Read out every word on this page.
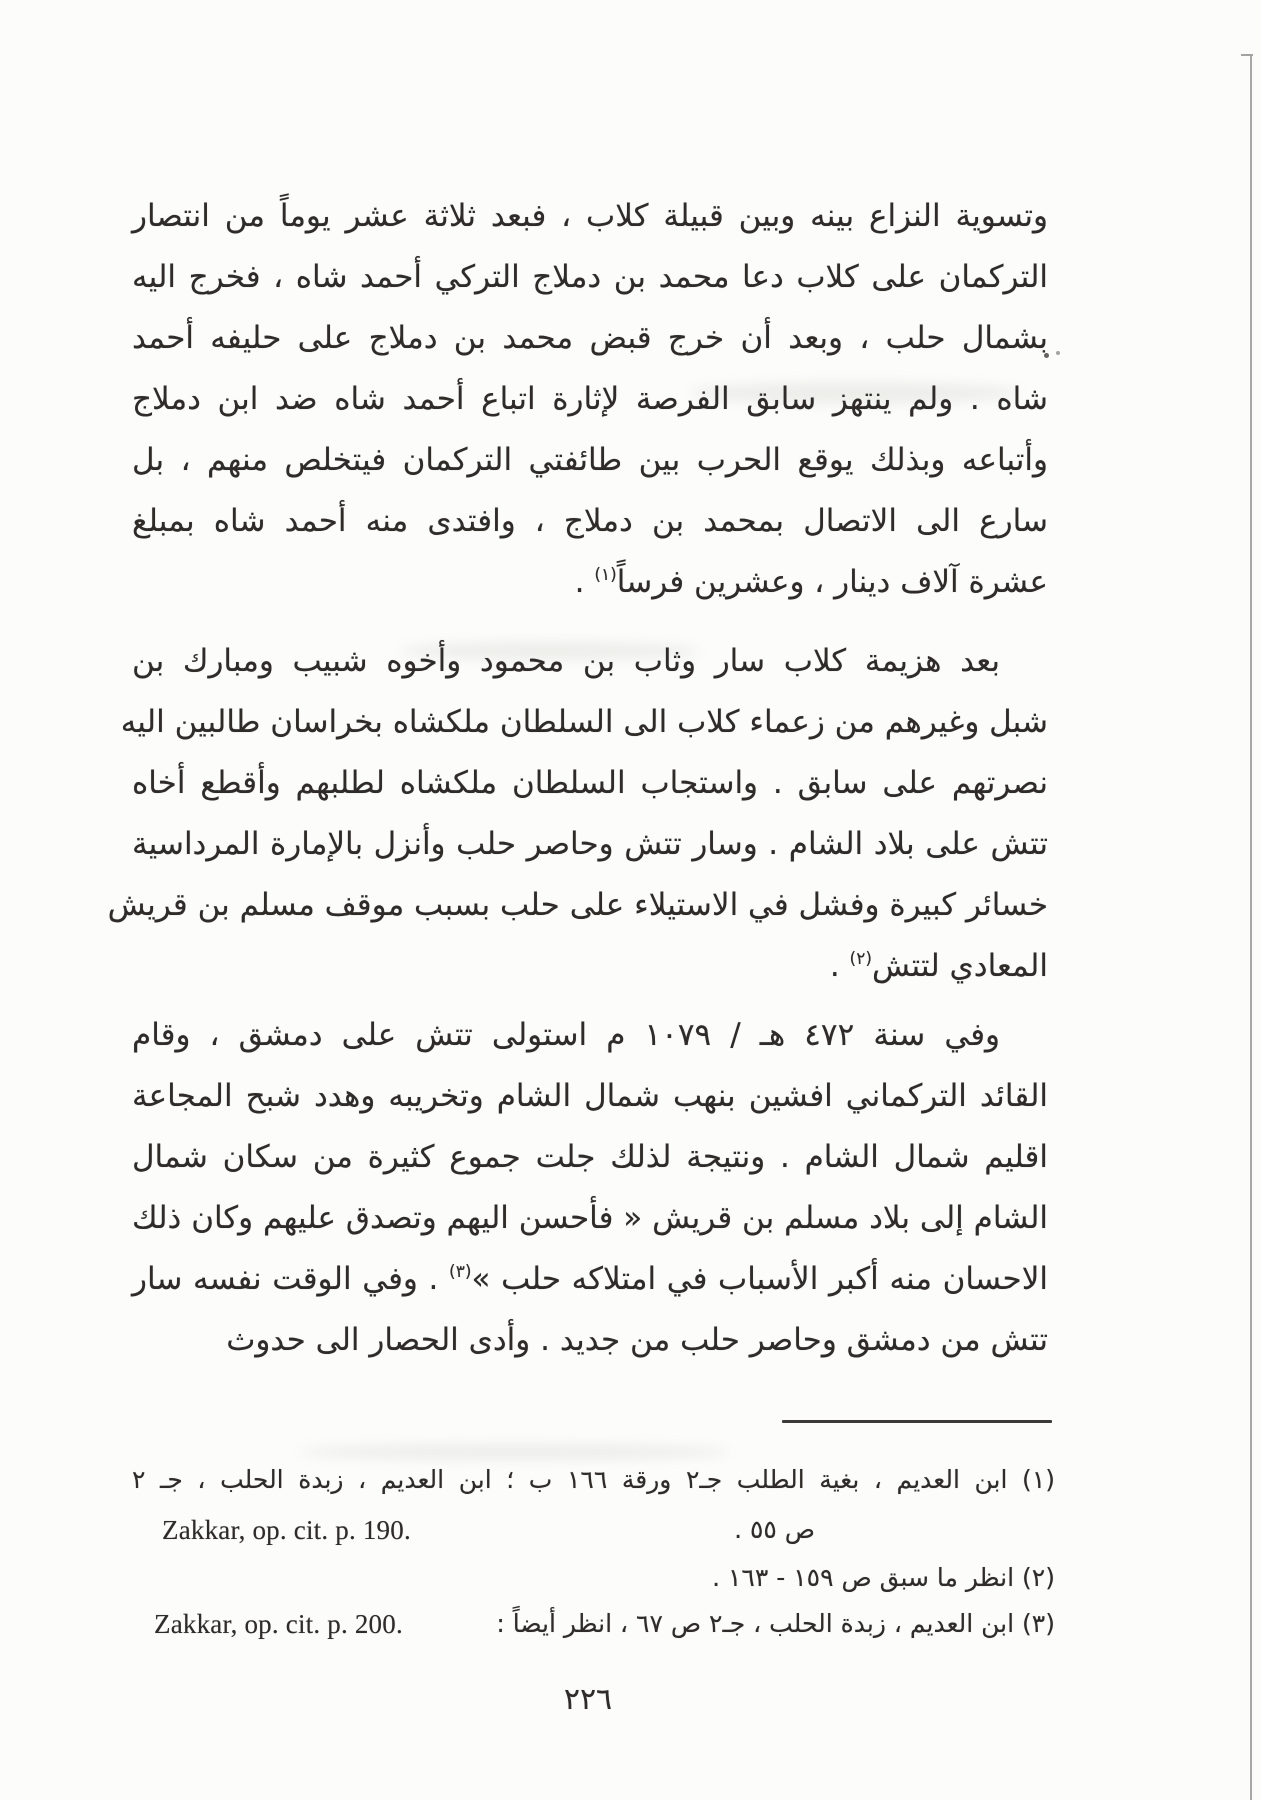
وتسوية النزاع بينه وبين قبيلة كلاب ، فبعد ثلاثة عشر يوماً من انتصار
التركمان على كلاب دعا محمد بن دملاج التركي أحمد شاه ، فخرج اليه
بشمال حلب ، وبعد أن خرج قبض محمد بن دملاج على حليفه أحمد
شاه . ولم ينتهز سابق الفرصة لإثارة اتباع أحمد شاه ضد ابن دملاج
وأتباعه وبذلك يوقع الحرب بين طائفتي التركمان فيتخلص منهم ، بل
سارع الى الاتصال بمحمد بن دملاج ، وافتدى منه أحمد شاه بمبلغ
عشرة آلاف دينار ، وعشرين فرساً$^{(١)}$ .
بعد هزيمة كلاب سار وثاب بن محمود وأخوه شبيب ومبارك بن
شبل وغيرهم من زعماء كلاب الى السلطان ملكشاه بخراسان طالبين اليه
نصرتهم على سابق . واستجاب السلطان ملكشاه لطلبهم وأقطع أخاه
تتش على بلاد الشام . وسار تتش وحاصر حلب وأنزل بالإمارة المرداسية
خسائر كبيرة وفشل في الاستيلاء على حلب بسبب موقف مسلم بن قريش
المعادي لتتش$^{(٢)}$ .
وفي سنة ٤٧٢ هـ / ١٠٧٩ م استولى تتش على دمشق ، وقام
القائد التركماني افشين بنهب شمال الشام وتخريبه وهدد شبح المجاعة
اقليم شمال الشام . ونتيجة لذلك جلت جموع كثيرة من سكان شمال
الشام إلى بلاد مسلم بن قريش « فأحسن اليهم وتصدق عليهم وكان ذلك
الاحسان منه أكبر الأسباب في امتلاكه حلب »$^{(٣)}$ . وفي الوقت نفسه سار
تتش من دمشق وحاصر حلب من جديد . وأدى الحصار الى حدوث
(١) ابن العديم ، بغية الطلب جـ٢ ورقة ١٦٦ ب ؛ ابن العديم ، زبدة الحلب ، جـ ٢
ص ٥٥ .
Zakkar, op. cit. p. 190.
(٢) انظر ما سبق ص ١٥٩ - ١٦٣ .
(٣) ابن العديم ، زبدة الحلب ، جـ٢ ص ٦٧ ، انظر أيضاً :
Zakkar, op. cit. p. 200.
٢٢٦
